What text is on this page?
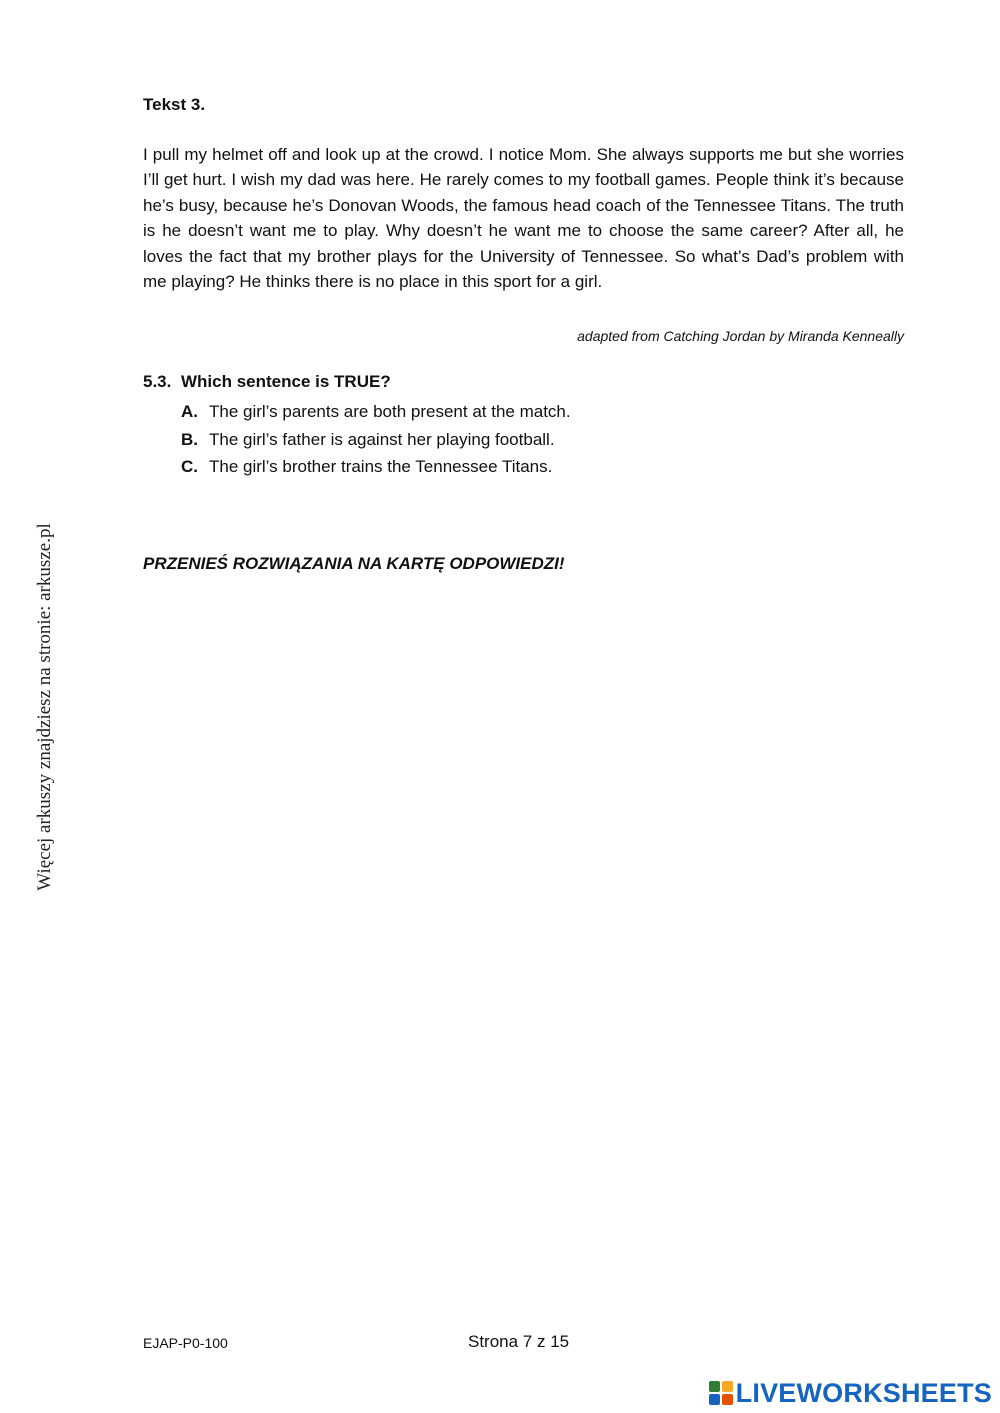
Więcej arkuszy znajdziesz na stronie: arkusze.pl
Tekst 3.

I pull my helmet off and look up at the crowd. I notice Mom. She always supports me but she worries I’ll get hurt. I wish my dad was here. He rarely comes to my football games. People think it’s because he’s busy, because he’s Donovan Woods, the famous head coach of the Tennessee Titans. The truth is he doesn’t want me to play. Why doesn’t he want me to choose the same career? After all, he loves the fact that my brother plays for the University of Tennessee. So what’s Dad’s problem with me playing? He thinks there is no place in this sport for a girl.

adapted from Catching Jordan by Miranda Kenneally
5.3. Which sentence is TRUE?
A. The girl’s parents are both present at the match.
B. The girl’s father is against her playing football.
C. The girl’s brother trains the Tennessee Titans.
PRZENIEŚ ROZWIĄZANIA NA KARTĘ ODPOWIEDZI!
EJAP-P0-100	Strona 7 z 15
LIVEWORKSHEETS
